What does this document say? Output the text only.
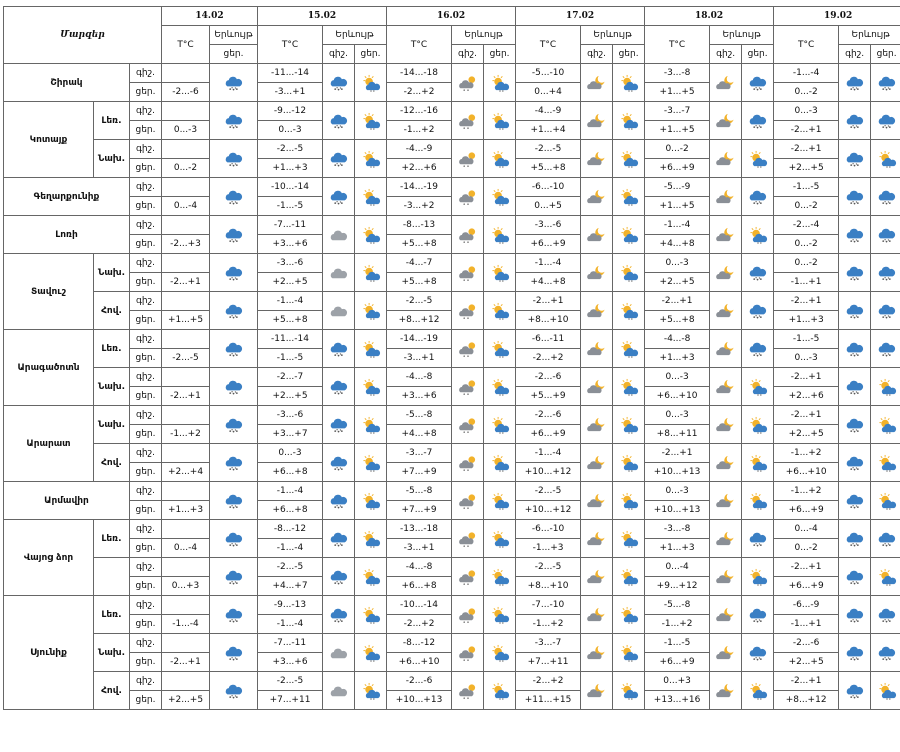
Մարզեր			14.02		15.02			16.02			17.02			18.02			19.02		
			T°C	Երևույթ	T°C	Երևույթ		T°C	Երևույթ		T°C	Երևույթ		T°C	Երևույթ		T°C	Երևույթ	
				ցեր.		գիշ.	ցեր.		գիշ.	ցեր.		գիշ.	ցեր.		գիշ.	ցեր.		գիշ.	ցեր.
Շիրակ		գիշ.			-11...-14			-14...-18			-5...-10			-3...-8			-1...-4	

		ցեր.	-2...-6		-3...+1			-2...+2			0...+4			+1...+5			0...-2		
Կոտայք	Լեռ.	գիշ.			-9...-12			-12...-16			-4...-9			-3...-7			0...-3	

		ցեր.	0...-3		0...-3			-1...+2			+1...+4			+1...+5			-2...+1		
	Նախ.	գիշ.			-2...-5			-4...-9			-2...-5			0...-2			-2...+1	

		ցեր.	0...-2		+1...+3			+2...+6			+5...+8			+6...+9			+2...+5		
Գեղարքունիք		գիշ.			-10...-14			-14...-19			-6...-10			-5...-9			-1...-5	

		ցեր.	0...-4		-1...-5			-3...+2			0...+5			+1...+5			0...-2		
Լոռի		գիշ.			-7...-11			-8...-13			-3...-6			-1...-4			-2...-4	

		ցեր.	-2...+3		+3...+6			+5...+8			+6...+9			+4...+8			0...-2		
Տավուշ	Նախ.	գիշ.			-3...-6			-4...-7			-1...-4			0...-3			0...-2	

		ցեր.	-2...+1		+2...+5			+5...+8			+4...+8			+2...+5			-1...+1		
	Հով.	գիշ.			-1...-4			-2...-5			-2...+1			-2...+1			-2...+1	

		ցեր.	+1...+5		+5...+8			+8...+12			+8...+10			+5...+8			+1...+3		
Արագածոտն	Լեռ.	գիշ.			-11...-14			-14...-19			-6...-11			-4...-8			-1...-5	

		ցեր.	-2...-5		-1...-5			-3...+1			-2...+2			+1...+3			0...-3		
	Նախ.	գիշ.			-2...-7			-4...-8			-2...-6			0...-3			-2...+1	

		ցեր.	-2...+1		+2...+5			+3...+6			+5...+9			+6...+10			+2...+6		
Արարատ	Նախ.	գիշ.			-3...-6			-5...-8			-2...-6			0...-3			-2...+1	

		ցեր.	-1...+2		+3...+7			+4...+8			+6...+9			+8...+11			+2...+5		
	Հով.	գիշ.			0...-3			-3...-7			-1...-4			-2...+1			-1...+2	

		ցեր.	+2...+4		+6...+8			+7...+9			+10...+12			+10...+13			+6...+10		
Արմավիր		գիշ.			-1...-4			-5...-8			-2...-5			0...-3			-1...+2	

		ցեր.	+1...+3		+6...+8			+7...+9			+10...+12			+10...+13			+6...+9		
Վայոց ձոր	Լեռ.	գիշ.			-8...-12			-13...-18			-6...-10			-3...-8			0...-4	

		ցեր.	0...-4		-1...-4			-3...+1			-1...+3			+1...+3			0...-2		
		գիշ.			-2...-5			-4...-8			-2...-5			0...-4			-2...+1	

		ցեր.	0...+3		+4...+7			+6...+8			+8...+10			+9...+12			+6...+9		
Սյունիք	Լեռ.	գիշ.			-9...-13			-10...-14			-7...-10			-5...-8			-6...-9	

		ցեր.	-1...-4		-1...-4			-2...+2			-1...+2			-1...+2			-1...+1		
	Նախ.	գիշ.			-7...-11			-8...-12			-3...-7			-1...-5			-2...-6	

		ցեր.	-2...+1		+3...+6			+6...+10			+7...+11			+6...+9			+2...+5		
	Հով.	գիշ.			-2...-5			-2...-6			-2...+2			0...+3			-2...+1	

		ցեր.	+2...+5		+7...+11			+10...+13			+11...+15			+13...+16			+8...+12		
